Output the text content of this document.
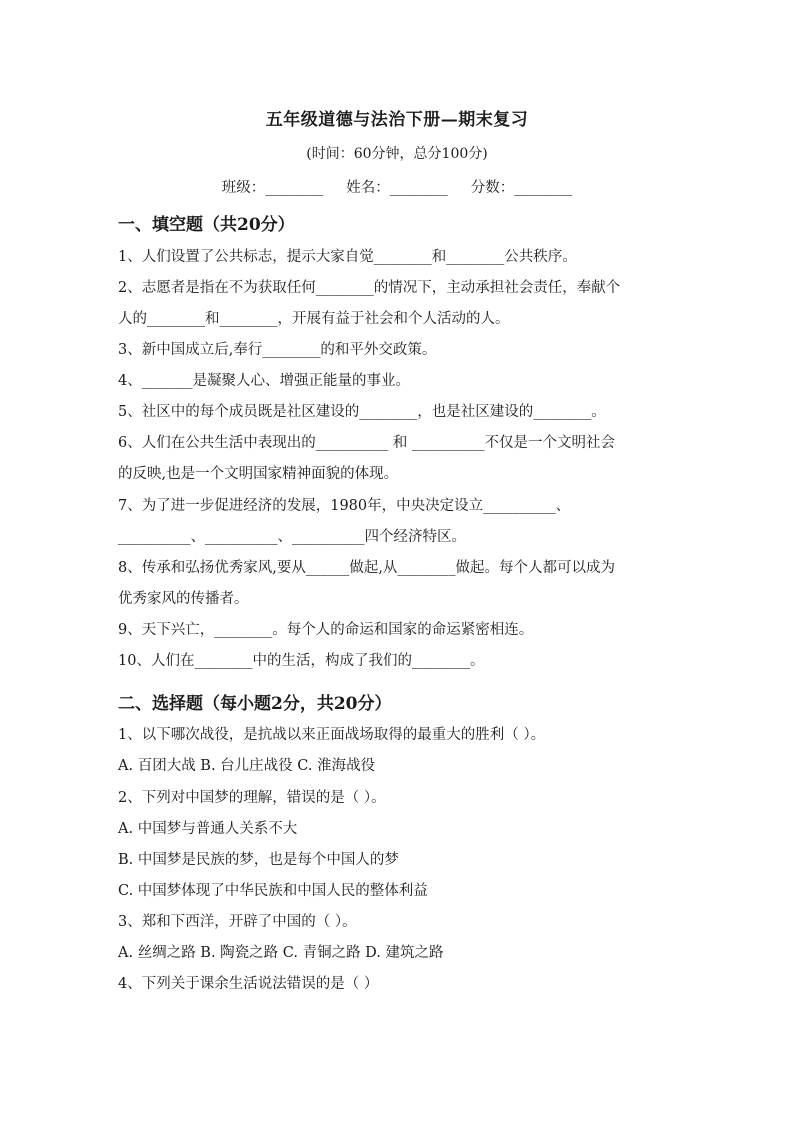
五年级道德与法治下册—期末复习
(时间：60分钟，总分100分)
班级：________     姓名：________     分数：________
一、填空题（共20分）
1、人们设置了公共标志，提示大家自觉________和________公共秩序。
2、志愿者是指在不为获取任何________的情况下，主动承担社会责任，奉献个
人的________和________，开展有益于社会和个人活动的人。
3、新中国成立后,奉行________的和平外交政策。
4、_______是凝聚人心、增强正能量的事业。
5、社区中的每个成员既是社区建设的________，也是社区建设的________。
6、人们在公共生活中表现出的__________ 和 __________不仅是一个文明社会
的反映,也是一个文明国家精神面貌的体现。
7、为了进一步促进经济的发展，1980年，中央决定设立__________、
__________、__________、__________四个经济特区。
8、传承和弘扬优秀家风,要从______做起,从________做起。每个人都可以成为
优秀家风的传播者。
9、天下兴亡，________。每个人的命运和国家的命运紧密相连。
10、人们在________中的生活，构成了我们的________。
二、选择题（每小题2分，共20分）
1、以下哪次战役，是抗战以来正面战场取得的最重大的胜利（ ）。
A. 百团大战 B. 台儿庄战役 C. 淮海战役
2、下列对中国梦的理解，错误的是（ ）。
A. 中国梦与普通人关系不大
B. 中国梦是民族的梦，也是每个中国人的梦
C. 中国梦体现了中华民族和中国人民的整体利益
3、郑和下西洋，开辟了中国的（ ）。
A. 丝绸之路 B. 陶瓷之路 C. 青铜之路 D. 建筑之路
4、下列关于课余生活说法错误的是（ ）
